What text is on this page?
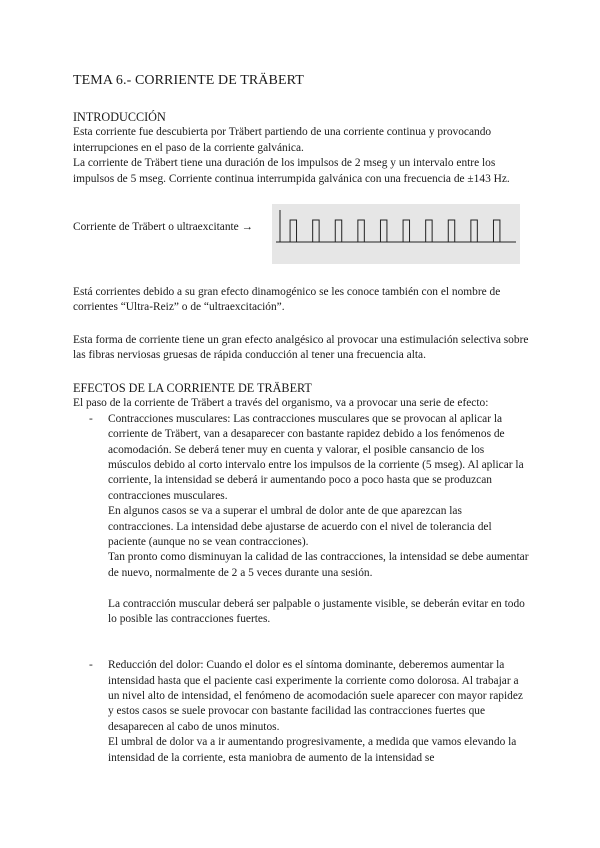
TEMA 6.- CORRIENTE DE TRÄBERT

INTRODUCCIÓN

Esta corriente fue descubierta por Träbert partiendo de una corriente continua y provocando interrupciones en el paso de la corriente galvánica.

La corriente de Träbert tiene una duración de los impulsos de 2 mseg y un intervalo entre los impulsos de 5 mseg. Corriente continua interrumpida galvánica con una frecuencia de ±143 Hz.

Corriente de Träbert o ultraexcitante →

Está corrientes debido a su gran efecto dinamogénico se les conoce también con el nombre de corrientes “Ultra-Reiz” o de “ultraexcitación”.

Esta forma de corriente tiene un gran efecto analgésico al provocar una estimulación selectiva sobre las fibras nerviosas gruesas de rápida conducción al tener una frecuencia alta.

EFECTOS DE LA CORRIENTE DE TRÄBERT

El paso de la corriente de Träbert a través del organismo, va a provocar una serie de efecto:

- Contracciones musculares: Las contracciones musculares que se provocan al aplicar la corriente de Träbert, van a desaparecer con bastante rapidez debido a los fenómenos de acomodación. Se deberá tener muy en cuenta y valorar, el posible cansancio de los músculos debido al corto intervalo entre los impulsos de la corriente (5 mseg). Al aplicar la corriente, la intensidad se deberá ir aumentando poco a poco hasta que se produzcan contracciones musculares.

En algunos casos se va a superar el umbral de dolor ante de que aparezcan las contracciones. La intensidad debe ajustarse de acuerdo con el nivel de tolerancia del paciente (aunque no se vean contracciones).

Tan pronto como disminuyan la calidad de las contracciones, la intensidad se debe aumentar de nuevo, normalmente de 2 a 5 veces durante una sesión.

La contracción muscular deberá ser palpable o justamente visible, se deberán evitar en todo lo posible las contracciones fuertes.

- Reducción del dolor: Cuando el dolor es el síntoma dominante, deberemos aumentar la intensidad hasta que el paciente casi experimente la corriente como dolorosa. Al trabajar a un nivel alto de intensidad, el fenómeno de acomodación suele aparecer con mayor rapidez y estos casos se suele provocar con bastante facilidad las contracciones fuertes que desaparecen al cabo de unos minutos.

El umbral de dolor va a ir aumentando progresivamente, a medida que vamos elevando la intensidad de la corriente, esta maniobra de aumento de la intensidad se
